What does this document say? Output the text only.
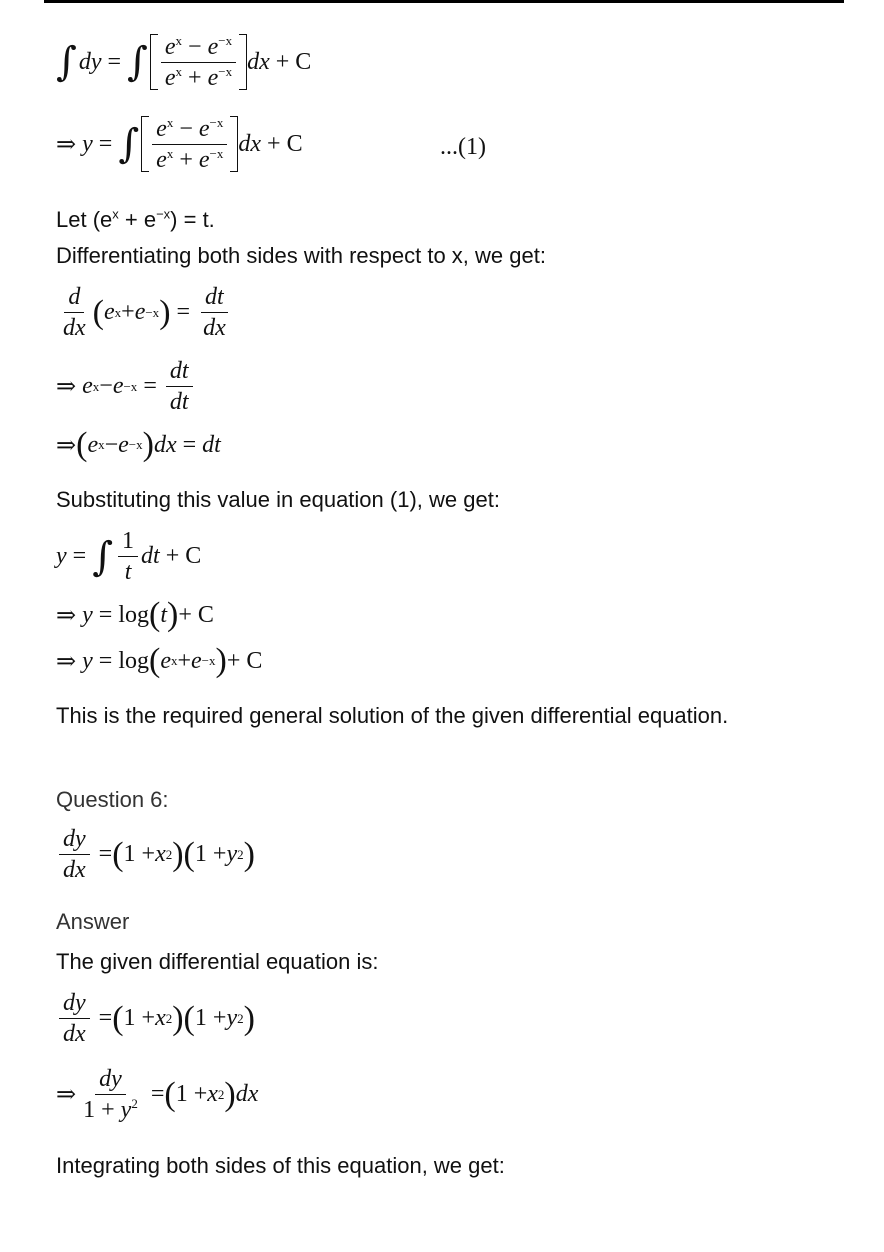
∫ dy = ∫ $\frac{e^x - e^{-x}}{e^x + e^{-x}}$ dx + C
⇒ y = ∫ $\frac{e^x - e^{-x}}{e^x + e^{-x}}$ dx + C	...(1)
Let $(e^x + e^{-x}) = t$.
Differentiating both sides with respect to x, we get:
$\frac{d}{dx}$ ( e x + e −x ) = $\frac{dt}{dx}$
⇒ e $x - e -x = \frac{dt}{dt}$
⇒ ( e x − e −x ) dx = dt
Substituting this value in equation (1), we get:
y = ∫ $\frac{1}{t}$ dt + C
⇒ y = log ( t ) + C
⇒ y = log ( e x + e −x ) + C
This is the required general solution of the given differential equation.
Question 6:
$\frac{dy}{dx}$ = ( 1 + x 2 )( 1 + y 2 )
Answer
The given differential equation is:
$\frac{dy}{dx}$ = ( 1 + x 2 )( 1 + y 2 )
⇒ $\frac{dy}{1 + y^2}$ = ( 1 + x 2 ) dx
Integrating both sides of this equation, we get:
